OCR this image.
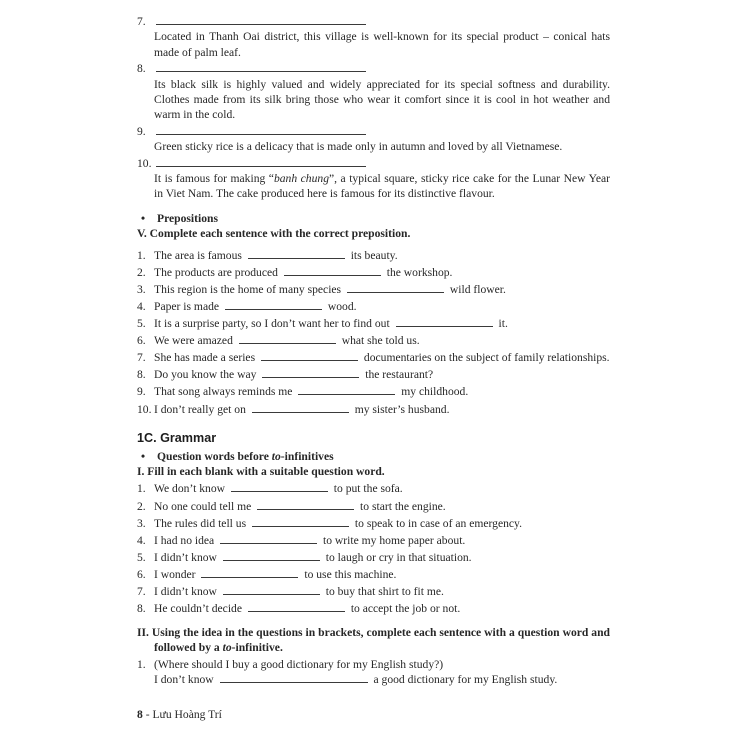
7.
Located in Thanh Oai district, this village is well-known for its special product – conical hats made of palm leaf.
8.
Its black silk is highly valued and widely appreciated for its special softness and durability. Clothes made from its silk bring those who wear it comfort since it is cool in hot weather and warm in the cold.
9.
Green sticky rice is a delicacy that is made only in autumn and loved by all Vietnamese.
10.
It is famous for making “banh chung”, a typical square, sticky rice cake for the Lunar New Year in Viet Nam. The cake produced here is famous for its distinctive flavour.
• Prepositions
V. Complete each sentence with the correct preposition.
1. The area is famous	its beauty.
2. The products are produced	the workshop.
3. This region is the home of many species	wild flower.
4. Paper is made	wood.
5. It is a surprise party, so I don’t want her to find out	it.
6. We were amazed	what she told us.
7. She has made a series	documentaries on the subject of family relationships.
8. Do you know the way	the restaurant?
9. That song always reminds me	my childhood.
10. I don’t really get on	my sister’s husband.
1C. Grammar
• Question words before to-infinitives
I. Fill in each blank with a suitable question word.
1. We don’t know	to put the sofa.
2. No one could tell me	to start the engine.
3. The rules did tell us	to speak to in case of an emergency.
4. I had no idea	to write my home paper about.
5. I didn’t know	to laugh or cry in that situation.
6. I wonder	to use this machine.
7. I didn’t know	to buy that shirt to fit me.
8. He couldn’t decide	to accept the job or not.
II. Using the idea in the questions in brackets, complete each sentence with a question word and followed by a to-infinitive.
1. (Where should I buy a good dictionary for my English study?)
I don’t know	a good dictionary for my English study.
8 - Lưu Hoàng Trí
